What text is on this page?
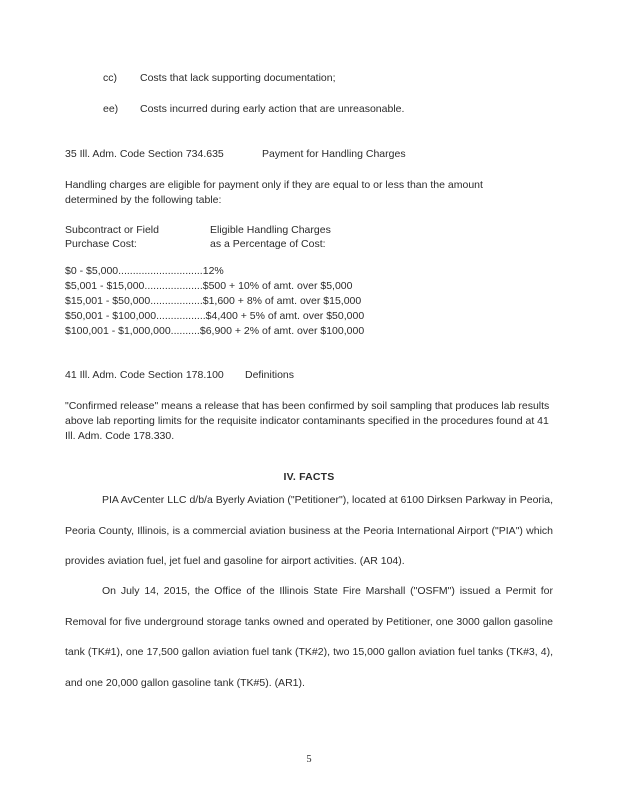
cc) Costs that lack supporting documentation;
ee) Costs incurred during early action that are unreasonable.
35 Ill. Adm. Code Section 734.635	Payment for Handling Charges
Handling charges are eligible for payment only if they are equal to or less than the amount determined by the following table:
Subcontract or Field
Purchase Cost:
Eligible Handling Charges
as a Percentage of Cost:
$0 - $5,000.............................12%
$5,001 - $15,000....................$500 + 10% of amt. over $5,000
$15,001 - $50,000..................$1,600 + 8% of amt. over $15,000
$50,001 - $100,000.................$4,400 + 5% of amt. over $50,000
$100,001 - $1,000,000..........$6,900 + 2% of amt. over $100,000
41 Ill. Adm. Code Section 178.100 Definitions
"Confirmed release" means a release that has been confirmed by soil sampling that produces lab results above lab reporting limits for the requisite indicator contaminants specified in the procedures found at 41 Ill. Adm. Code 178.330.
IV. FACTS
PIA AvCenter LLC d/b/a Byerly Aviation ("Petitioner"), located at 6100 Dirksen Parkway in Peoria, Peoria County, Illinois, is a commercial aviation business at the Peoria International Airport ("PIA") which provides aviation fuel, jet fuel and gasoline for airport activities. (AR 104).
On July 14, 2015, the Office of the Illinois State Fire Marshall ("OSFM") issued a Permit for Removal for five underground storage tanks owned and operated by Petitioner, one 3000 gallon gasoline tank (TK#1), one 17,500 gallon aviation fuel tank (TK#2), two 15,000 gallon aviation fuel tanks (TK#3, 4), and one 20,000 gallon gasoline tank (TK#5). (AR1).
5
